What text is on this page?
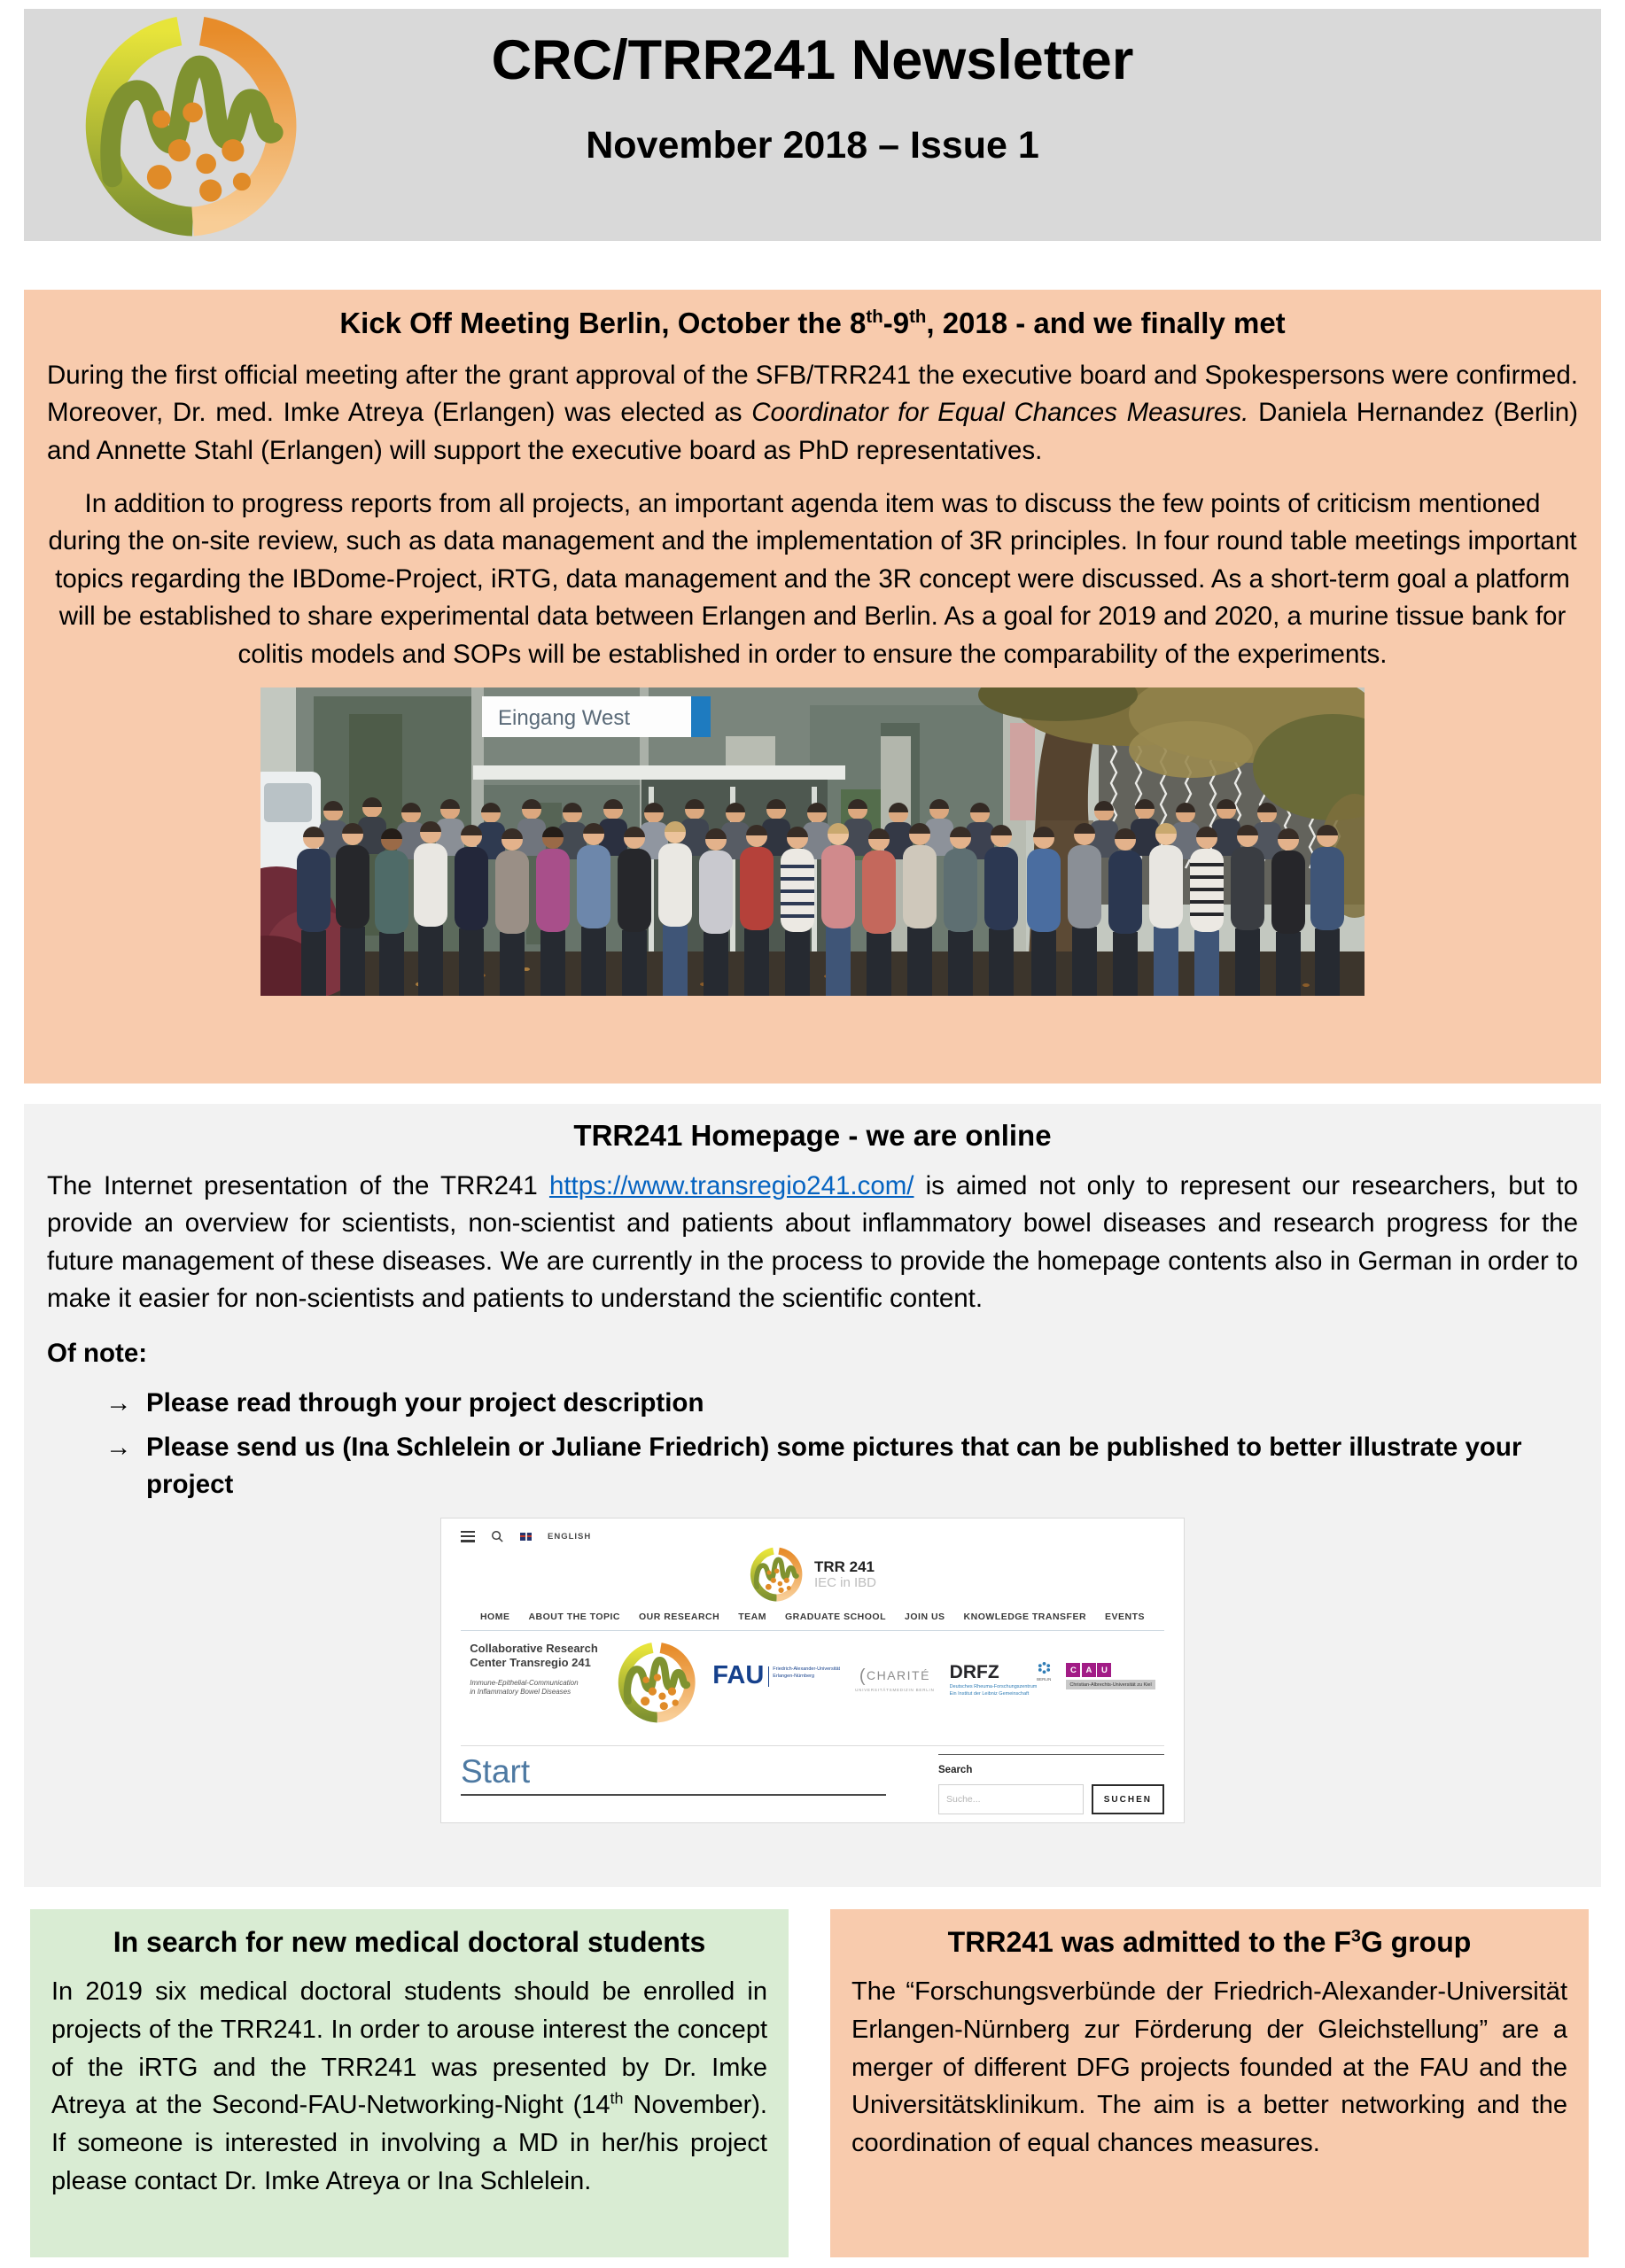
CRC/TRR241 Newsletter
November 2018 – Issue 1
Kick Off Meeting Berlin, October the 8th-9th, 2018 - and we finally met

During the first official meeting after the grant approval of the SFB/TRR241 the executive board and Spokespersons were confirmed. Moreover, Dr. med. Imke Atreya (Erlangen) was elected as Coordinator for Equal Chances Measures. Daniela Hernandez (Berlin) and Annette Stahl (Erlangen) will support the executive board as PhD representatives.

In addition to progress reports from all projects, an important agenda item was to discuss the few points of criticism mentioned during the on-site review, such as data management and the implementation of 3R principles. In four round table meetings important topics regarding the IBDome-Project, iRTG, data management and the 3R concept were discussed. As a short-term goal a platform will be established to share experimental data between Erlangen and Berlin. As a goal for 2019 and 2020, a murine tissue bank for colitis models and SOPs will be established in order to ensure the comparability of the experiments.

Eingang West
TRR241 Homepage - we are online

The Internet presentation of the TRR241 https://www.transregio241.com/ is aimed not only to represent our researchers, but to provide an overview for scientists, non-scientist and patients about inflammatory bowel diseases and research progress for the future management of these diseases. We are currently in the process to provide the homepage contents also in German in order to make it easier for non-scientists and patients to understand the scientific content.

Of note:

→ Please read through your project description
→ Please send us (Ina Schlelein or Juliane Friedrich) some pictures that can be published to better illustrate your project
ENGLISH
TRR 241
IEC in IBD
HOME ABOUT THE TOPIC OUR RESEARCH TEAM GRADUATE SCHOOL JOIN US KNOWLEDGE TRANSFER EVENTS
Collaborative Research Center Transregio 241
Immune-Epithelial-Communication in Inflammatory Bowel Diseases
FAU	Friedrich-Alexander-Universität
Erlangen-Nürnberg	(CHARITÉ
UNIVERSITÄTSMEDIZIN BERLIN
DRFZ	BERLIN
Deutsches Rheuma-Forschungszentrum
Ein Institut der Leibniz Gemeinschaft
C	A	U
Christian-Albrechts-Universität zu Kiel
Start	Search
Suche...
SUCHEN
In search for new medical doctoral students

In 2019 six medical doctoral students should be enrolled in projects of the TRR241. In order to arouse interest the concept of the iRTG and the TRR241 was presented by Dr. Imke Atreya at the Second-FAU-Networking-Night (14th November). If someone is interested in involving a MD in her/his project please contact Dr. Imke Atreya or Ina Schlelein.

TRR241 was admitted to the $F^3G$ group

The “Forschungsverbünde der Friedrich-Alexander-Universität Erlangen-Nürnberg zur Förderung der Gleichstellung” are a merger of different DFG projects founded at the FAU and the Universitätsklinikum. The aim is a better networking and the coordination of equal chances measures.
